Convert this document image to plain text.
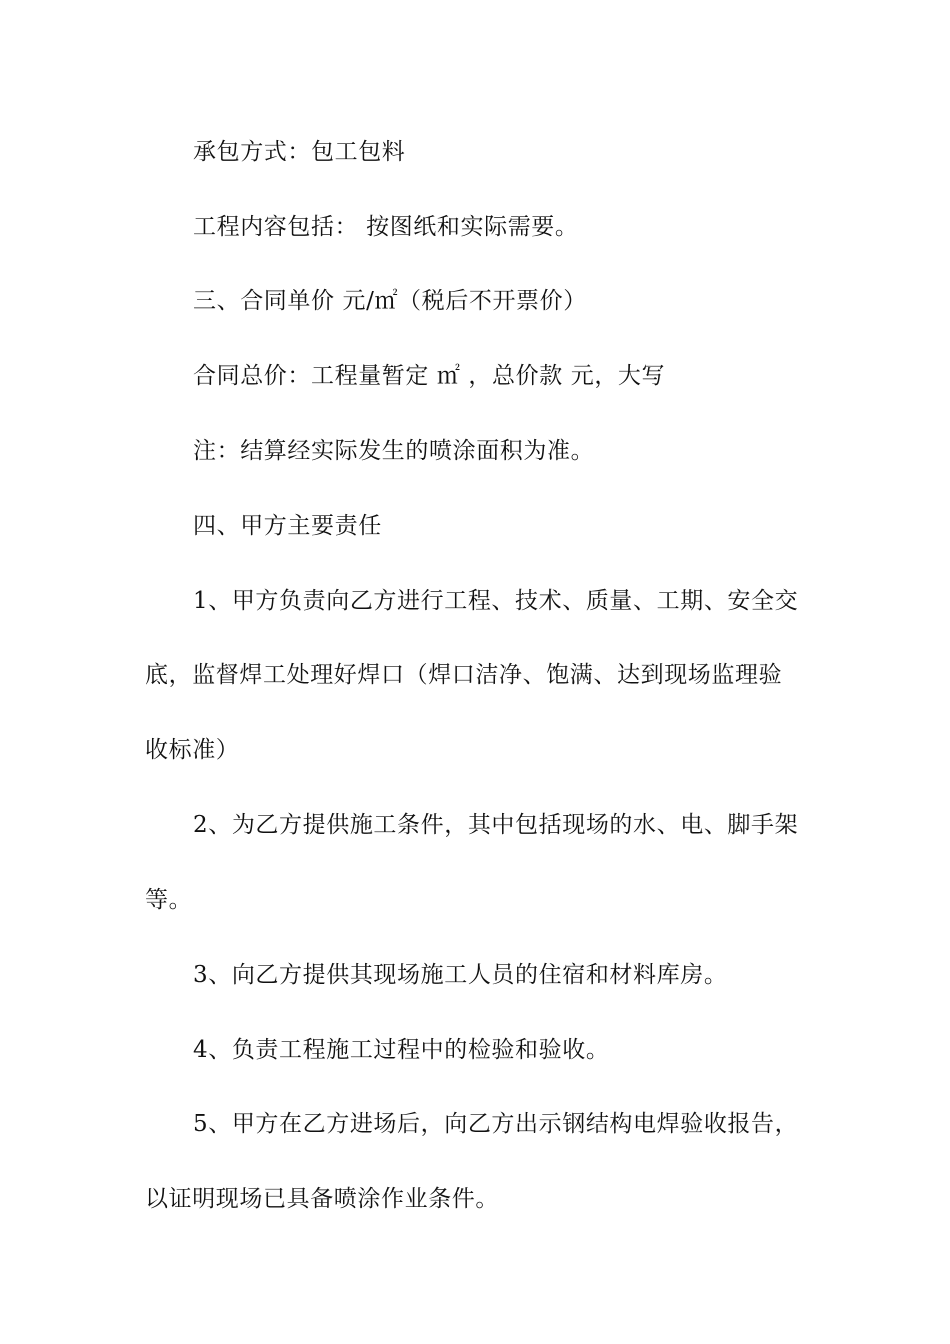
承包方式：包工包料

工程内容包括： 按图纸和实际需要。

三、合同单价 元/㎡（税后不开票价）

合同总价：工程量暂定 ㎡ ，总价款 元，大写

注：结算经实际发生的喷涂面积为准。

四、甲方主要责任

1、甲方负责向乙方进行工程、技术、质量、工期、安全交

底，监督焊工处理好焊口（焊口洁净、饱满、达到现场监理验

收标准）

2、为乙方提供施工条件，其中包括现场的水、电、脚手架

等。

3、向乙方提供其现场施工人员的住宿和材料库房。

4、负责工程施工过程中的检验和验收。

5、甲方在乙方进场后，向乙方出示钢结构电焊验收报告，

以证明现场已具备喷涂作业条件。
